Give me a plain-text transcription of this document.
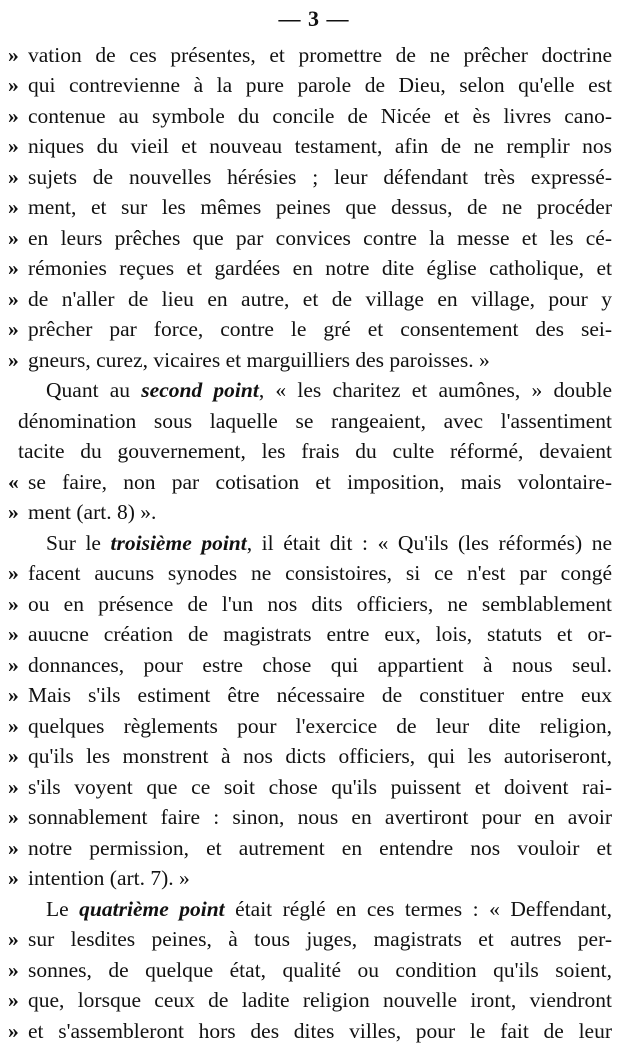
— 3 —
» vation de ces présentes, et promettre de ne prêcher doctrine
» qui contrevienne à la pure parole de Dieu, selon qu'elle est
» contenue au symbole du concile de Nicée et ès livres cano-
» niques du vieil et nouveau testament, afin de ne remplir nos
» sujets de nouvelles hérésies ; leur défendant très expressé-
» ment, et sur les mêmes peines que dessus, de ne procéder
» en leurs prêches que par convices contre la messe et les cé-
» rémonies reçues et gardées en notre dite église catholique, et
» de n'aller de lieu en autre, et de village en village, pour y
» prêcher par force, contre le gré et consentement des sei-
» gneurs, curez, vicaires et marguilliers des paroisses. »
Quant au second point, « les charitez et aumônes, » double
dénomination sous laquelle se rangeaient, avec l'assentiment
tacite du gouvernement, les frais du culte réformé, devaient
« se faire, non par cotisation et imposition, mais volontaire-
» ment (art. 8) ».
Sur le troisième point, il était dit : « Qu'ils (les réformés) ne
» facent aucuns synodes ne consistoires, si ce n'est par congé
» ou en présence de l'un nos dits officiers, ne semblablement
» auucne création de magistrats entre eux, lois, statuts et or-
» donnances, pour estre chose qui appartient à nous seul.
» Mais s'ils estiment être nécessaire de constituer entre eux
» quelques règlements pour l'exercice de leur dite religion,
» qu'ils les monstrent à nos dicts officiers, qui les autoriseront,
» s'ils voyent que ce soit chose qu'ils puissent et doivent rai-
» sonnablement faire : sinon, nous en avertiront pour en avoir
» notre permission, et autrement en entendre nos vouloir et
» intention (art. 7). »
Le quatrième point était réglé en ces termes : « Deffendant,
» sur lesdites peines, à tous juges, magistrats et autres per-
» sonnes, de quelque état, qualité ou condition qu'ils soient,
» que, lorsque ceux de ladite religion nouvelle iront, viendront
» et s'assembleront hors des dites villes, pour le fait de leur
